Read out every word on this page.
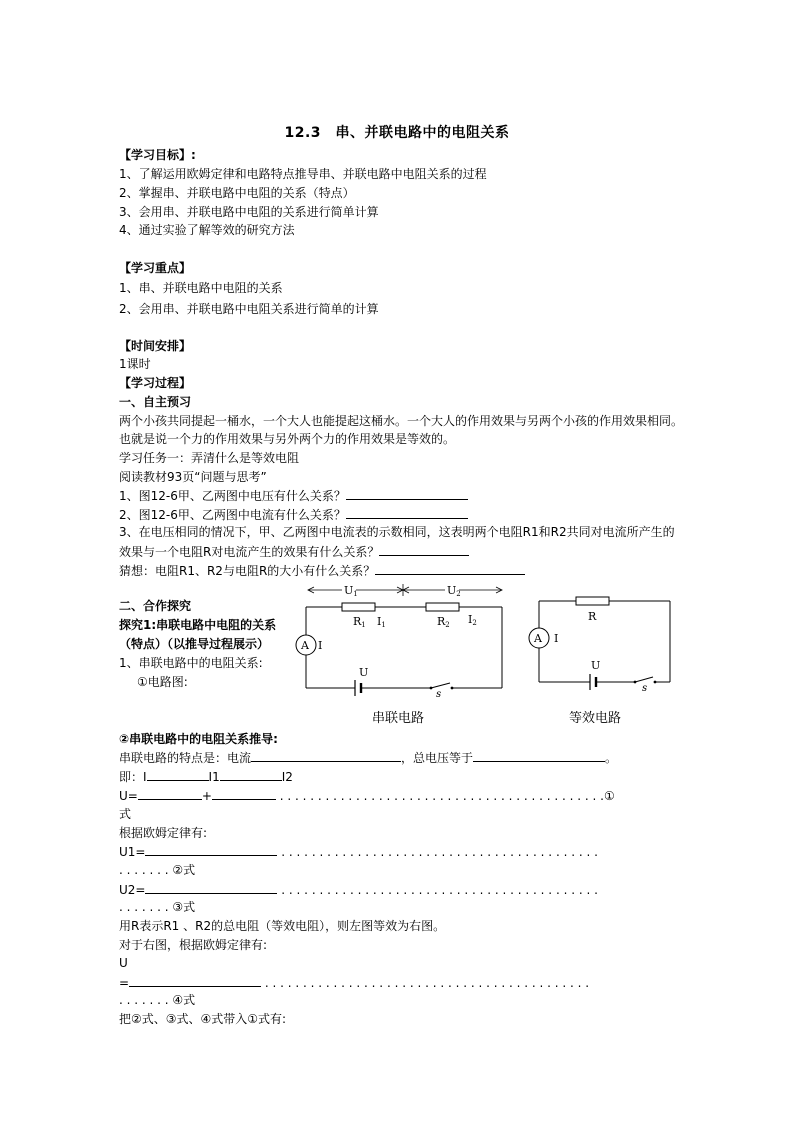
12.3　串、并联电路中的电阻关系
【学习目标】:
1、了解运用欧姆定律和电路特点推导串、并联电路中电阻关系的过程
2、掌握串、并联电路中电阻的关系（特点）
3、会用串、并联电路中电阻的关系进行简单计算
4、通过实验了解等效的研究方法
【学习重点】
1、串、并联电路中电阻的关系
2、会用串、并联电路中电阻关系进行简单的计算
【时间安排】
1课时
【学习过程】
一、自主预习
两个小孩共同提起一桶水，一个大人也能提起这桶水。一个大人的作用效果与另两个小孩的作用效果相同。
也就是说一个力的作用效果与另外两个力的作用效果是等效的。
学习任务一：弄清什么是等效电阻
阅读教材93页“问题与思考”
1、图12-6甲、乙两图中电压有什么关系？
2、图12-6甲、乙两图中电流有什么关系？
3、在电压相同的情况下，甲、乙两图中电流表的示数相同，这表明两个电阻R1和R2共同对电流所产生的
效果与一个电阻R对电流产生的效果有什么关系？
猜想：电阻R1、R2与电阻R的大小有什么关系？
二、合作探究
探究1:串联电路中电阻的关系
（特点）（以推导过程展示）
1、串联电路中的电阻关系:
①电路图:
U1	U2
R1 I1	R2 I2
A I
U
s
串联电路
R
A I
U
s
等效电路
②串联电路中的电阻关系推导:
串联电路的特点是：电流	，总电压等于	。
即：I	I1	I2
U=	+	. . . . . . . . . . . . . . . . . . . . . . . . . . . . . . . . . . . . . . . . . . .①
式
根据欧姆定律有:
U1=	. . . . . . . . . . . . . . . . . . . . . . . . . . . . . . . . . . . . . . . . . .
. . . . . . . ②式
U2=	. . . . . . . . . . . . . . . . . . . . . . . . . . . . . . . . . . . . . . . . . .
. . . . . . . ③式
用R表示R1 、R2的总电阻（等效电阻），则左图等效为右图。
对于右图，根据欧姆定律有:
U
=	. . . . . . . . . . . . . . . . . . . . . . . . . . . . . . . . . . . . . . . . . . .
. . . . . . . ④式
把②式、③式、④式带入①式有:
